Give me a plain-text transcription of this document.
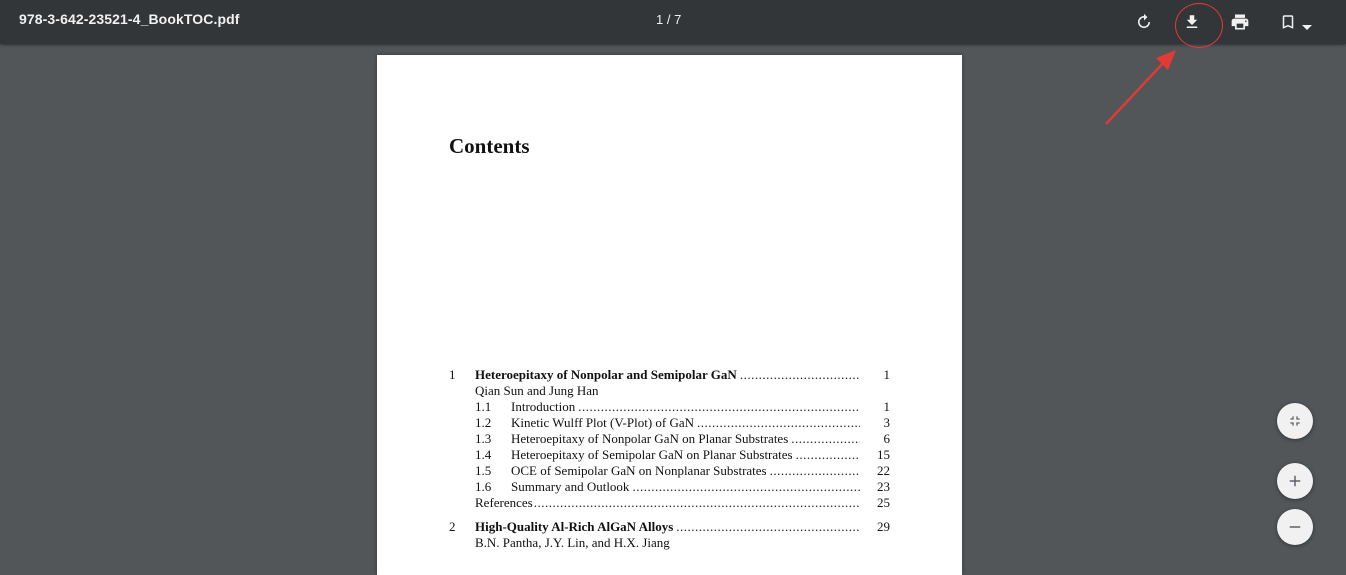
978-3-642-23521-4_BookTOC.pdf	1 / 7
Contents
1 Heteroepitaxy of Nonpolar and Semipolar GaN .....	1
Qian Sun and Jung Han
1.1 Introduction .....	1
1.2 Kinetic Wulff Plot (V-Plot) of GaN .....	3
1.3 Heteroepitaxy of Nonpolar GaN on Planar Substrates .....	6
1.4 Heteroepitaxy of Semipolar GaN on Planar Substrates .....	15
1.5 OCE of Semipolar GaN on Nonplanar Substrates .....	22
1.6 Summary and Outlook .....	23
References .....	25
2 High-Quality Al-Rich AlGaN Alloys .....	29
B.N. Pantha, J.Y. Lin, and H.X. Jiang
